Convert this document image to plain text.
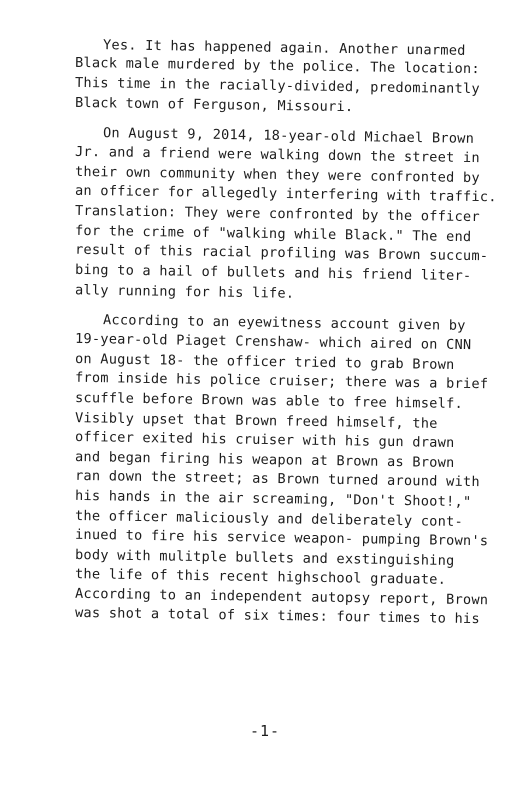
Yes. It has happened again. Another unarmed
Black male murdered by the police. The location:
This time in the racially-divided, predominantly
Black town of Ferguson, Missouri.
On August 9, 2014, 18-year-old Michael Brown
Jr. and a friend were walking down the street in
their own community when they were confronted by
an officer for allegedly interfering with traffic.
Translation: They were confronted by the officer
for the crime of "walking while Black." The end
result of this racial profiling was Brown succum-
bing to a hail of bullets and his friend liter-
ally running for his life.
According to an eyewitness account given by
19-year-old Piaget Crenshaw- which aired on CNN
on August 18- the officer tried to grab Brown
from inside his police cruiser; there was a brief
scuffle before Brown was able to free himself.
Visibly upset that Brown freed himself, the
officer exited his cruiser with his gun drawn
and began firing his weapon at Brown as Brown
ran down the street; as Brown turned around with
his hands in the air screaming, "Don't Shoot!,"
the officer maliciously and deliberately cont-
inued to fire his service weapon- pumping Brown's
body with mulitple bullets and exstinguishing
the life of this recent highschool graduate.
According to an independent autopsy report, Brown
was shot a total of six times: four times to his
-1-
